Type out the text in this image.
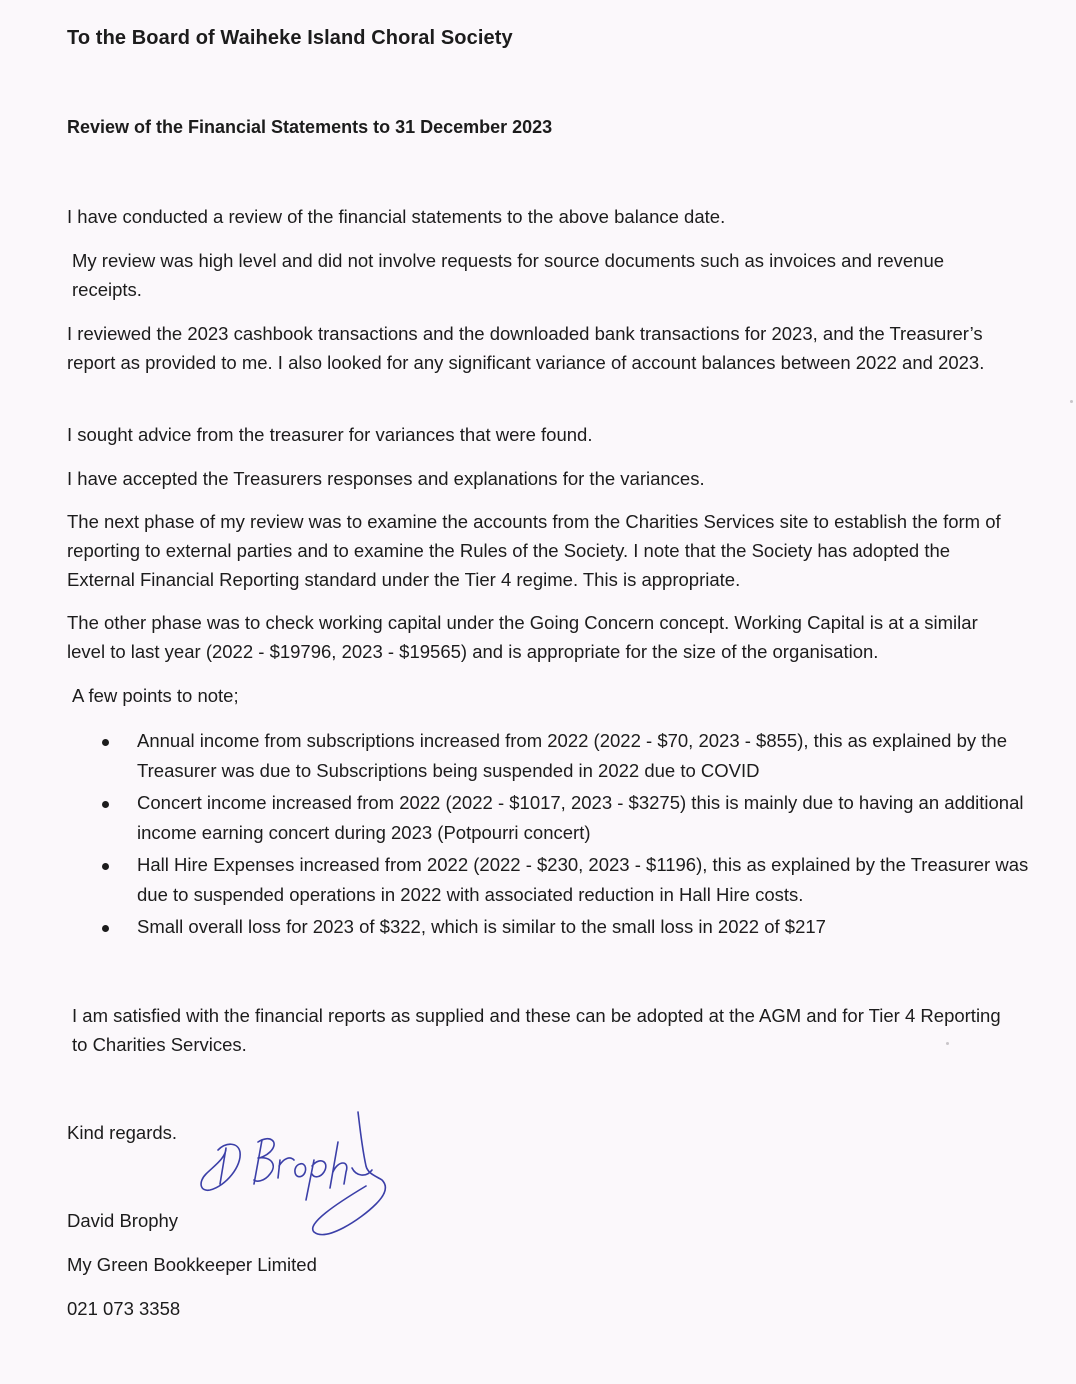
To the Board of Waiheke Island Choral Society

Review of the Financial Statements to 31 December 2023

I have conducted a review of the financial statements to the above balance date.

My review was high level and did not involve requests for source documents such as invoices and revenue receipts.

I reviewed the 2023 cashbook transactions and the downloaded bank transactions for 2023, and the Treasurer’s report as provided to me. I also looked for any significant variance of account balances between 2022 and 2023.

I sought advice from the treasurer for variances that were found.

I have accepted the Treasurers responses and explanations for the variances.

The next phase of my review was to examine the accounts from the Charities Services site to establish the form of reporting to external parties and to examine the Rules of the Society. I note that the Society has adopted the External Financial Reporting standard under the Tier 4 regime. This is appropriate.

The other phase was to check working capital under the Going Concern concept. Working Capital is at a similar level to last year (2022 - $19796, 2023 - $19565) and is appropriate for the size of the organisation.

A few points to note;

Annual income from subscriptions increased from 2022 (2022 - $70, 2023 - $855), this as explained by the Treasurer was due to Subscriptions being suspended in 2022 due to COVID
Concert income increased from 2022 (2022 - $1017, 2023 - $3275) this is mainly due to having an additional income earning concert during 2023 (Potpourri concert)
Hall Hire Expenses increased from 2022 (2022 - $230, 2023 - $1196), this as explained by the Treasurer was due to suspended operations in 2022 with associated reduction in Hall Hire costs.
Small overall loss for 2023 of $322, which is similar to the small loss in 2022 of $217

I am satisfied with the financial reports as supplied and these can be adopted at the AGM and for Tier 4 Reporting to Charities Services.

Kind regards.

David Brophy

My Green Bookkeeper Limited

021 073 3358
